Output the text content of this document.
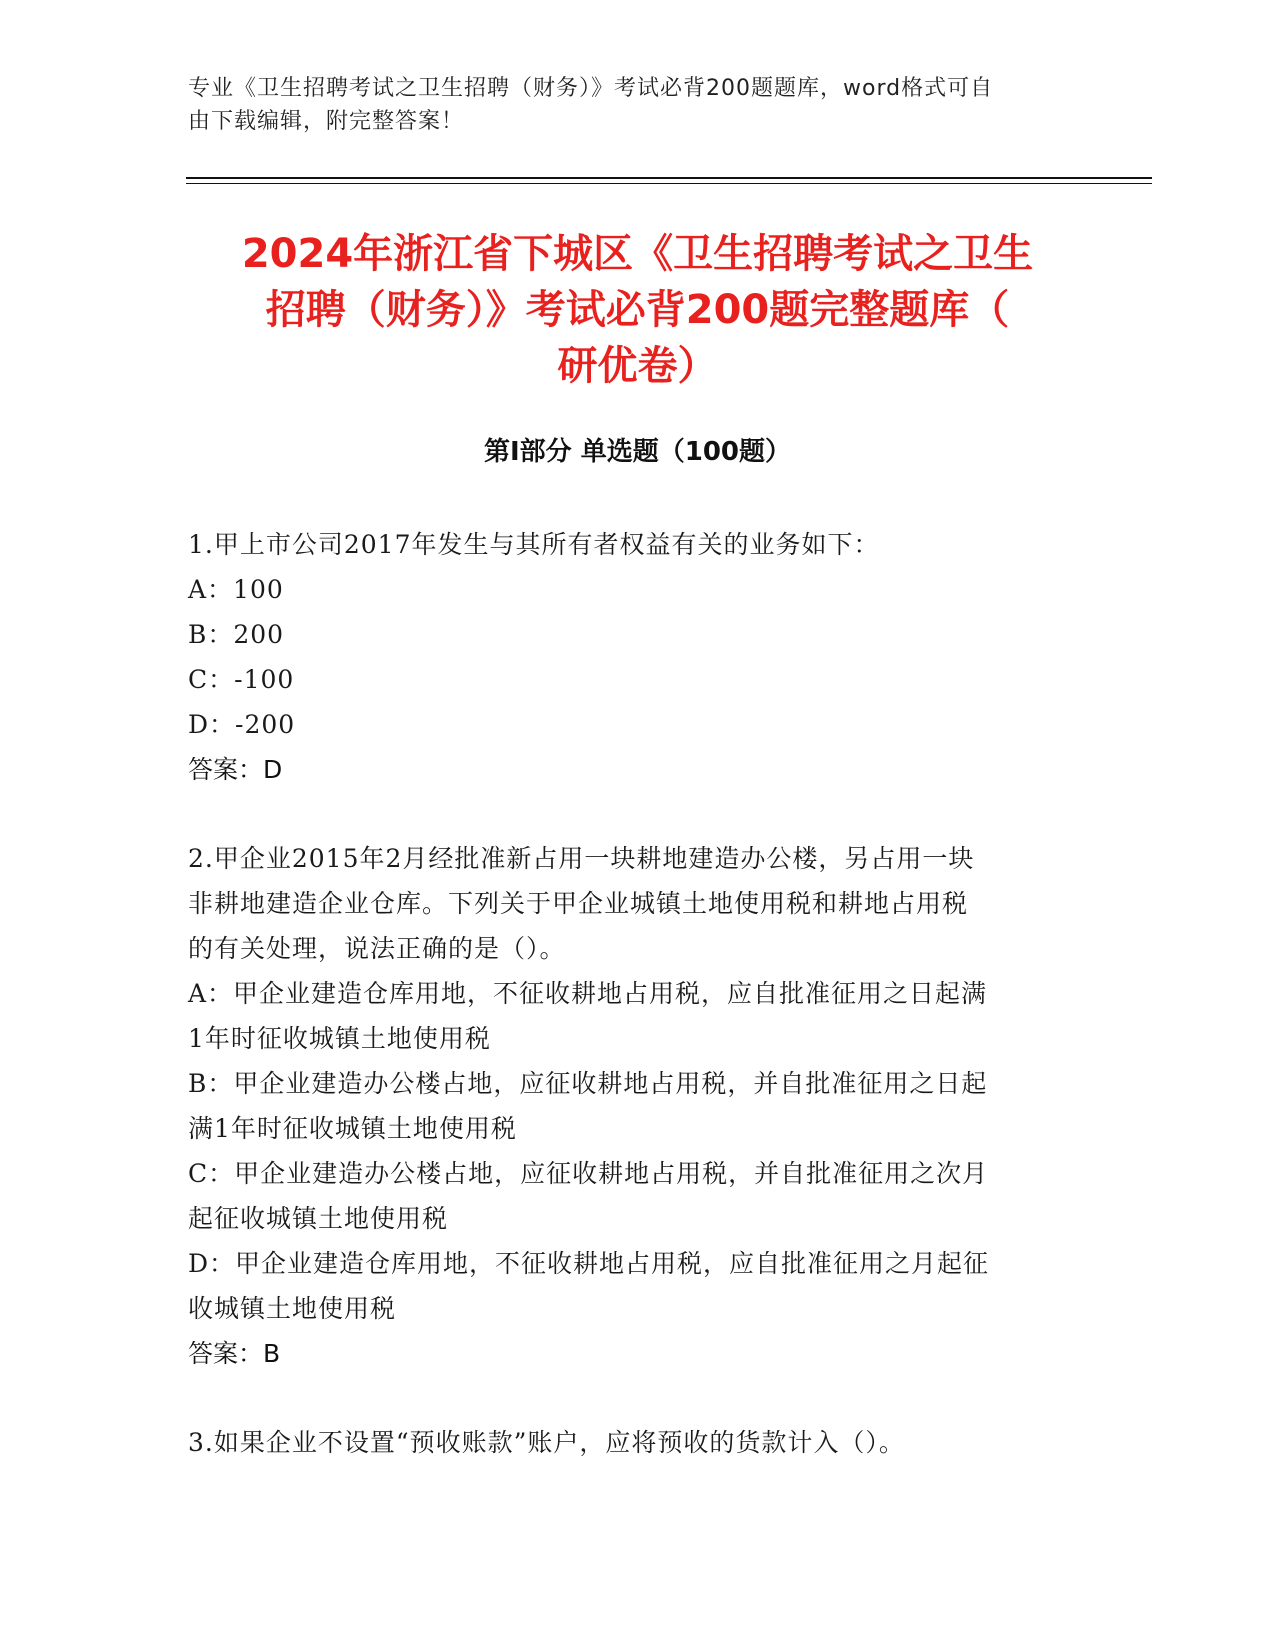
专业《卫生招聘考试之卫生招聘（财务）》考试必背200题题库，word格式可自
由下载编辑，附完整答案！
2024年浙江省下城区《卫生招聘考试之卫生
招聘（财务）》考试必背200题完整题库（
研优卷）
第Ⅰ部分 单选题（100题）
1.甲上市公司2017年发生与其所有者权益有关的业务如下：
A：100
B：200
C：-100
D：-200
答案：D
2.甲企业2015年2月经批准新占用一块耕地建造办公楼，另占用一块
非耕地建造企业仓库。下列关于甲企业城镇土地使用税和耕地占用税
的有关处理，说法正确的是（）。
A：甲企业建造仓库用地，不征收耕地占用税，应自批准征用之日起满
1年时征收城镇土地使用税
B：甲企业建造办公楼占地，应征收耕地占用税，并自批准征用之日起
满1年时征收城镇土地使用税
C：甲企业建造办公楼占地，应征收耕地占用税，并自批准征用之次月
起征收城镇土地使用税
D：甲企业建造仓库用地，不征收耕地占用税，应自批准征用之月起征
收城镇土地使用税
答案：B
3.如果企业不设置“预收账款”账户，应将预收的货款计入（）。
